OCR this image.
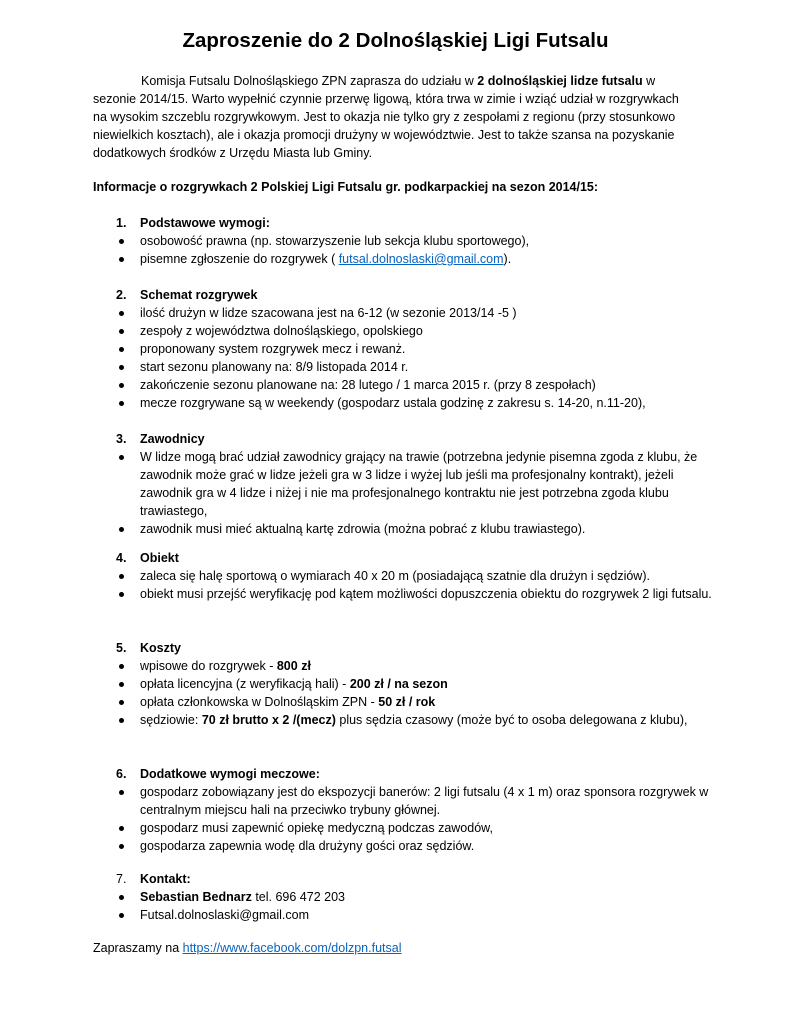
Zaproszenie do 2 Dolnośląskiej Ligi Futsalu

Komisja Futsalu Dolnośląskiego ZPN zaprasza do udziału w 2 dolnośląskiej lidze futsalu w sezonie 2014/15. Warto wypełnić czynnie przerwę ligową, która trwa w zimie i wziąć udział w rozgrywkach na wysokim szczeblu rozgrywkowym. Jest to okazja nie tylko gry z zespołami z regionu (przy stosunkowo niewielkich kosztach), ale i okazja promocji drużyny w województwie. Jest to także szansa na pozyskanie dodatkowych środków z Urzędu Miasta lub Gminy.

Informacje o rozgrywkach 2 Polskiej Ligi Futsalu gr. podkarpackiej na sezon 2014/15:
1. Podstawowe wymogi:
osobowość prawna (np. stowarzyszenie lub sekcja klubu sportowego),
pisemne zgłoszenie do rozgrywek ( futsal.dolnoslaski@gmail.com).
2. Schemat rozgrywek
ilość drużyn w lidze szacowana jest na 6-12 (w sezonie 2013/14 -5 )
zespoły z województwa dolnośląskiego, opolskiego
proponowany system rozgrywek mecz i rewanż.
start sezonu planowany na: 8/9 listopada 2014 r.
zakończenie sezonu planowane na: 28 lutego / 1 marca 2015 r. (przy 8 zespołach)
mecze rozgrywane są w weekendy (gospodarz ustala godzinę z zakresu s. 14-20, n.11-20),
3. Zawodnicy
W lidze mogą brać udział zawodnicy grający na trawie (potrzebna jedynie pisemna zgoda z klubu, że zawodnik może grać w lidze jeżeli gra w 3 lidze i wyżej lub jeśli ma profesjonalny kontrakt), jeżeli zawodnik gra w 4 lidze i niżej i nie ma profesjonalnego kontraktu nie jest potrzebna zgoda klubu trawiastego,
zawodnik musi mieć aktualną kartę zdrowia (można pobrać z klubu trawiastego).
4. Obiekt
zaleca się halę sportową o wymiarach 40 x 20 m (posiadającą szatnie dla drużyn i sędziów).
obiekt musi przejść weryfikację pod kątem możliwości dopuszczenia obiektu do rozgrywek 2 ligi futsalu.
5. Koszty
wpisowe do rozgrywek - 800 zł
opłata licencyjna (z weryfikacją hali) - 200 zł / na sezon
opłata członkowska w Dolnośląskim ZPN - 50 zł / rok
sędziowie: 70 zł brutto x 2 /(mecz) plus sędzia czasowy (może być to osoba delegowana z klubu),
6. Dodatkowe wymogi meczowe:
gospodarz zobowiązany jest do ekspozycji banerów: 2 ligi futsalu (4 x 1 m) oraz sponsora rozgrywek w centralnym miejscu hali na przeciwko trybuny głównej.
gospodarz musi zapewnić opiekę medyczną podczas zawodów,
gospodarza zapewnia wodę dla drużyny gości oraz sędziów.
7. Kontakt:
Sebastian Bednarz tel. 696 472 203
Futsal.dolnoslaski@gmail.com
Zapraszamy na https://www.facebook.com/dolzpn.futsal
